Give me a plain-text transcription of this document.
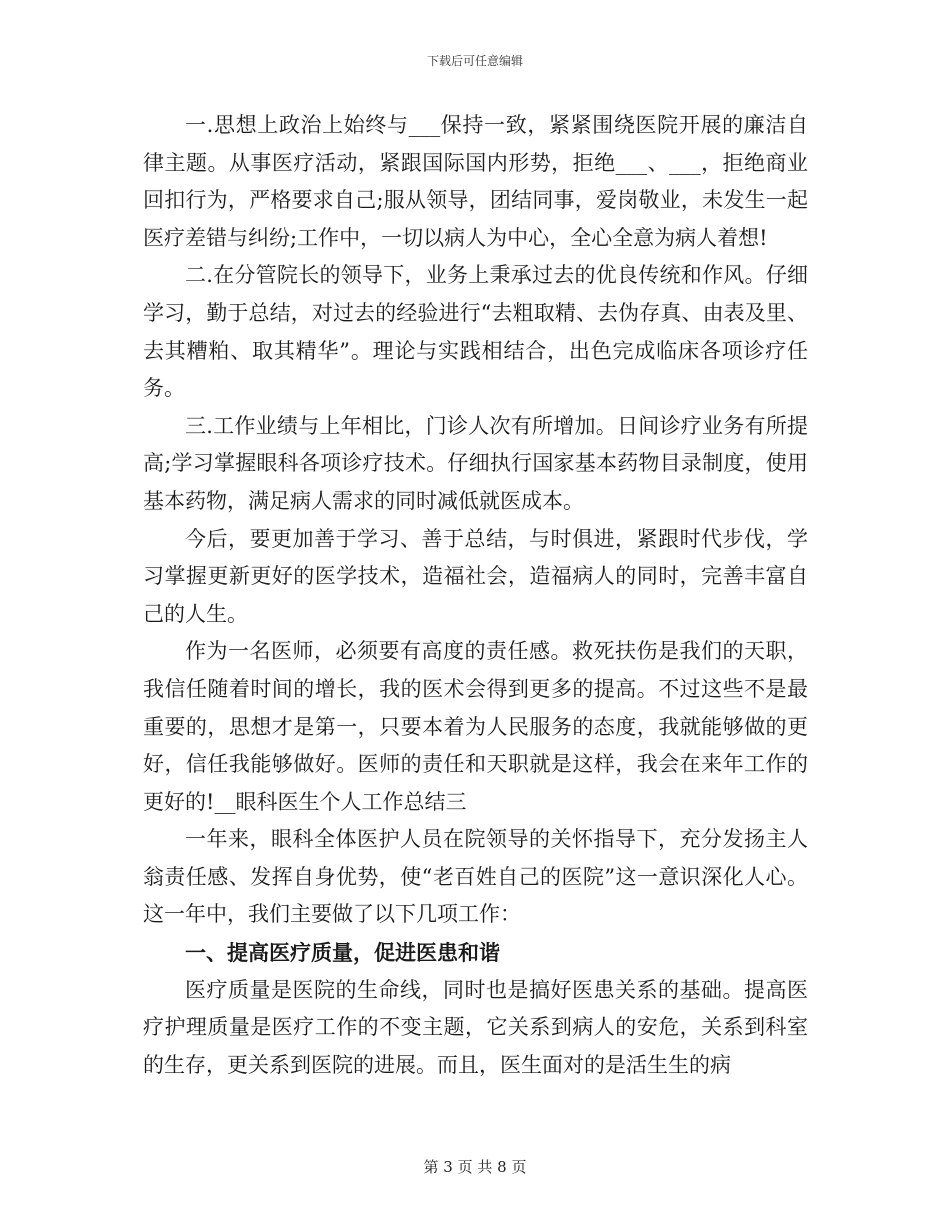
下载后可任意编辑

一.思想上政治上始终与___保持一致，紧紧围绕医院开展的廉洁自律主题。从事医疗活动，紧跟国际国内形势，拒绝___、___，拒绝商业回扣行为，严格要求自己;服从领导，团结同事，爱岗敬业，未发生一起医疗差错与纠纷;工作中，一切以病人为中心，全心全意为病人着想!

二.在分管院长的领导下，业务上秉承过去的优良传统和作风。仔细学习，勤于总结，对过去的经验进行“去粗取精、去伪存真、由表及里、去其糟粕、取其精华”。理论与实践相结合，出色完成临床各项诊疗任务。

三.工作业绩与上年相比，门诊人次有所增加。日间诊疗业务有所提高;学习掌握眼科各项诊疗技术。仔细执行国家基本药物目录制度，使用基本药物，满足病人需求的同时减低就医成本。

今后，要更加善于学习、善于总结，与时俱进，紧跟时代步伐，学习掌握更新更好的医学技术，造福社会，造福病人的同时，完善丰富自己的人生。

作为一名医师，必须要有高度的责任感。救死扶伤是我们的天职，我信任随着时间的增长，我的医术会得到更多的提高。不过这些不是最重要的，思想才是第一，只要本着为人民服务的态度，我就能够做的更好，信任我能够做好。医师的责任和天职就是这样，我会在来年工作的更好的!__眼科医生个人工作总结三

一年来，眼科全体医护人员在院领导的关怀指导下，充分发扬主人翁责任感、发挥自身优势，使“老百姓自己的医院”这一意识深化人心。这一年中，我们主要做了以下几项工作：

一、提高医疗质量，促进医患和谐

医疗质量是医院的生命线，同时也是搞好医患关系的基础。提高医疗护理质量是医疗工作的不变主题，它关系到病人的安危，关系到科室的生存，更关系到医院的进展。而且，医生面对的是活生生的病

第 3 页 共 8 页
